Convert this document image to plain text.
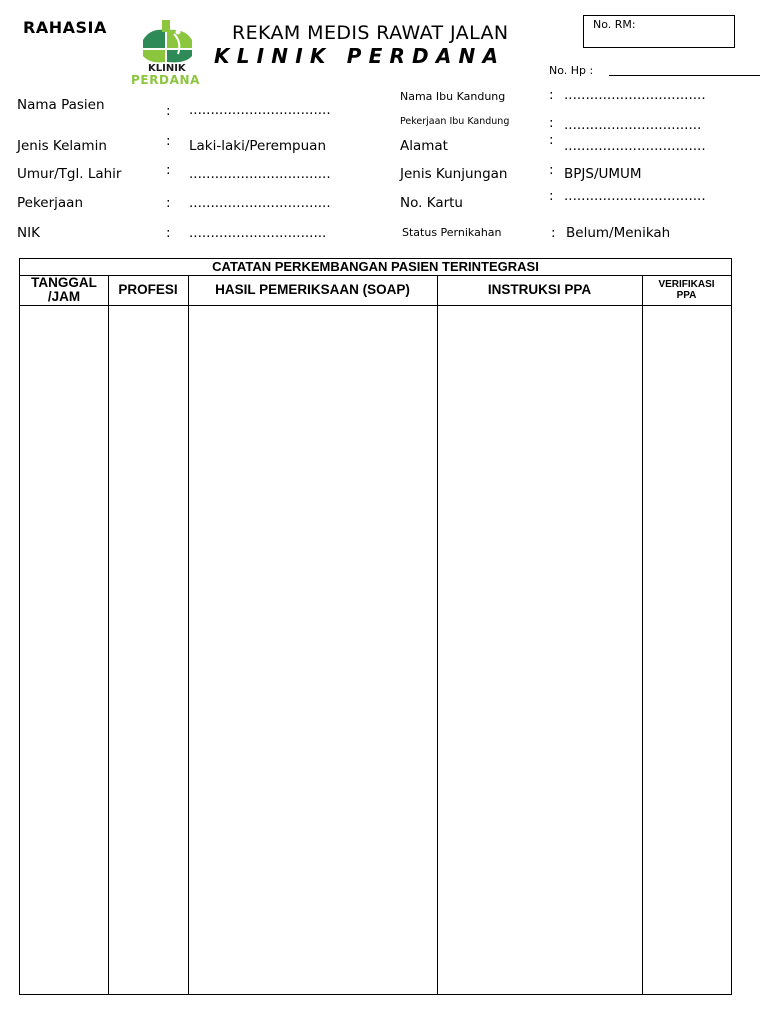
RAHASIA
KLINIK
PERDANA
REKAM MEDIS RAWAT JALAN
KLINIK PERDANA
No. RM:
No. Hp :
Nama Pasien	: .................................
Jenis Kelamin	: Laki-laki/Perempuan
Umur/Tgl. Lahir	: .................................
Pekerjaan	: .................................
NIK	: ................................
Nama Ibu Kandung	: .................................
Pekerjaan Ibu Kandung	: ................................
Alamat	: .................................
Jenis Kunjungan	: BPJS/UMUM
No. Kartu	: .................................
Status Pernikahan	: Belum/Menikah
CATATAN PERKEMBANGAN PASIEN TERINTEGRASI
TANGGAL
/JAM	PROFESI	HASIL PEMERIKSAAN (SOAP)	INSTRUKSI PPA	VERIFIKASI
PPA
